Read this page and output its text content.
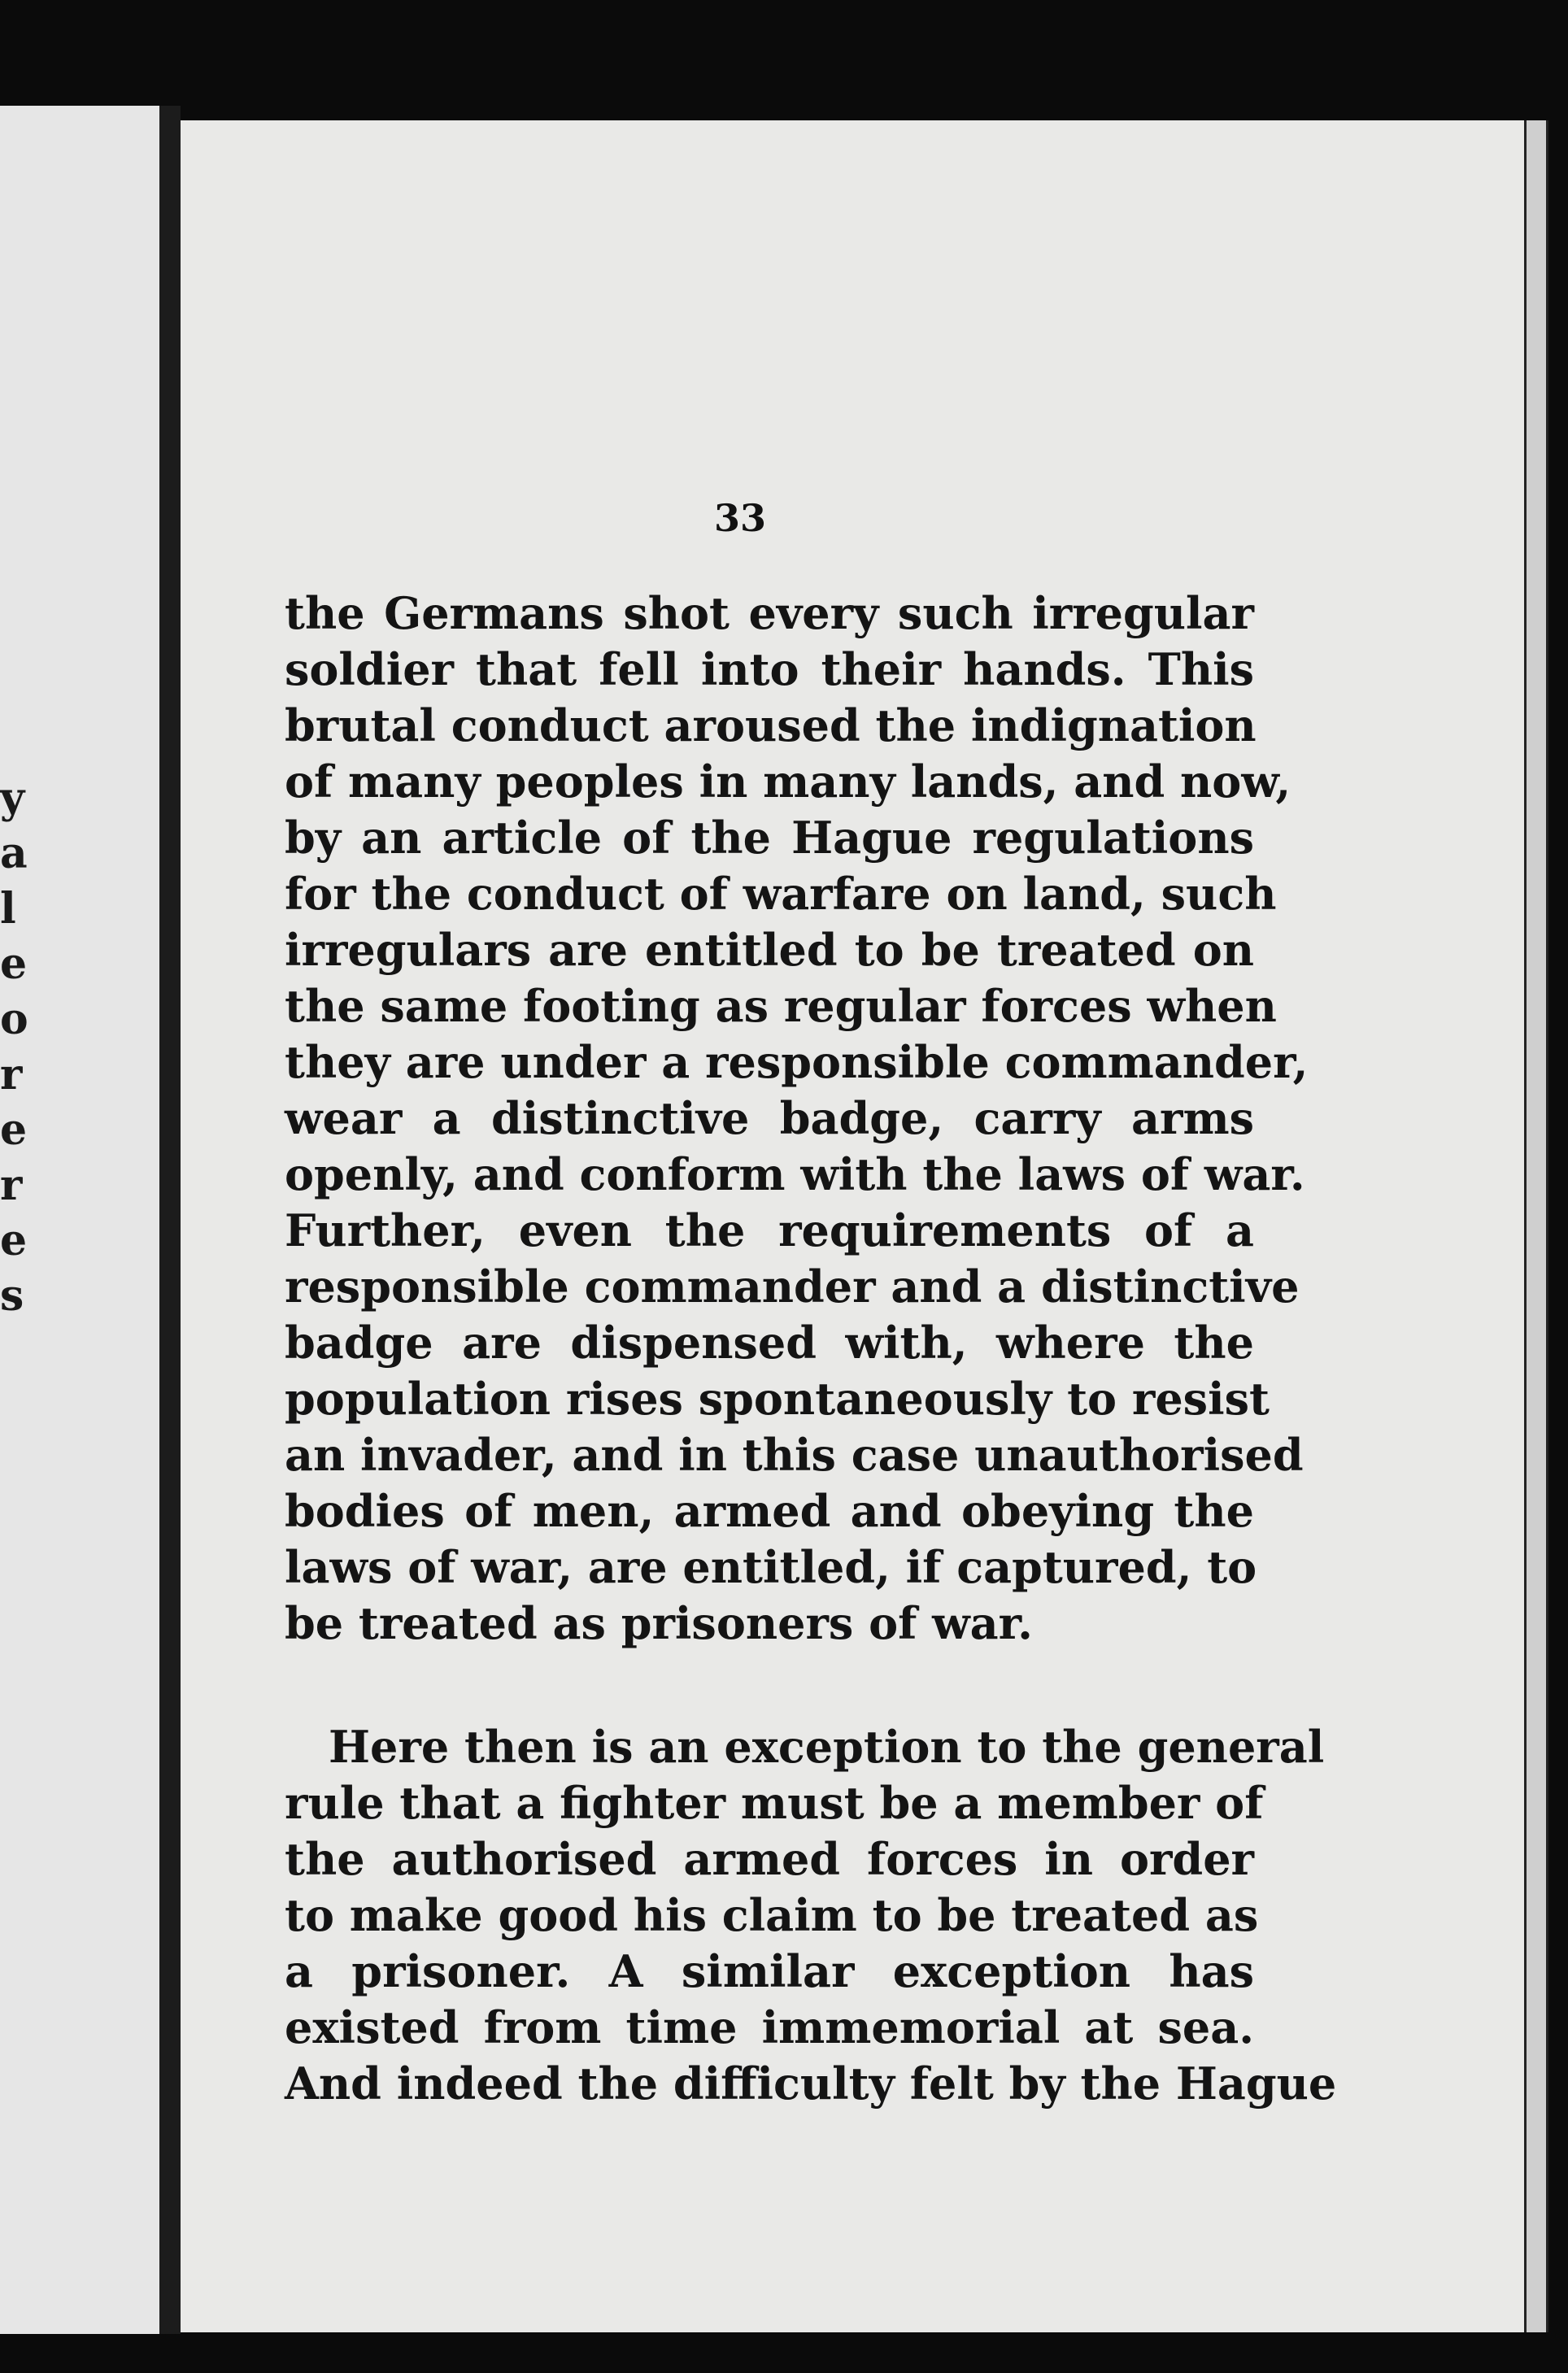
y
a
l
e
o
r
e
r
e
s
33
the Germans shot every such irregular
soldier that fell into their hands. This
brutal conduct aroused the indignation
of many peoples in many lands, and now,
by an article of the Hague regulations
for the conduct of warfare on land, such
irregulars are entitled to be treated on
the same footing as regular forces when
they are under a responsible commander,
wear a distinctive badge, carry arms
openly, and conform with the laws of war.
Further, even the requirements of a
responsible commander and a distinctive
badge are dispensed with, where the
population rises spontaneously to resist
an invader, and in this case unauthorised
bodies of men, armed and obeying the
laws of war, are entitled, if captured, to
be treated as prisoners of war.
Here then is an exception to the general
rule that a fighter must be a member of
the authorised armed forces in order
to make good his claim to be treated as
a prisoner. A similar exception has
existed from time immemorial at sea.
And indeed the difficulty felt by the Hague
